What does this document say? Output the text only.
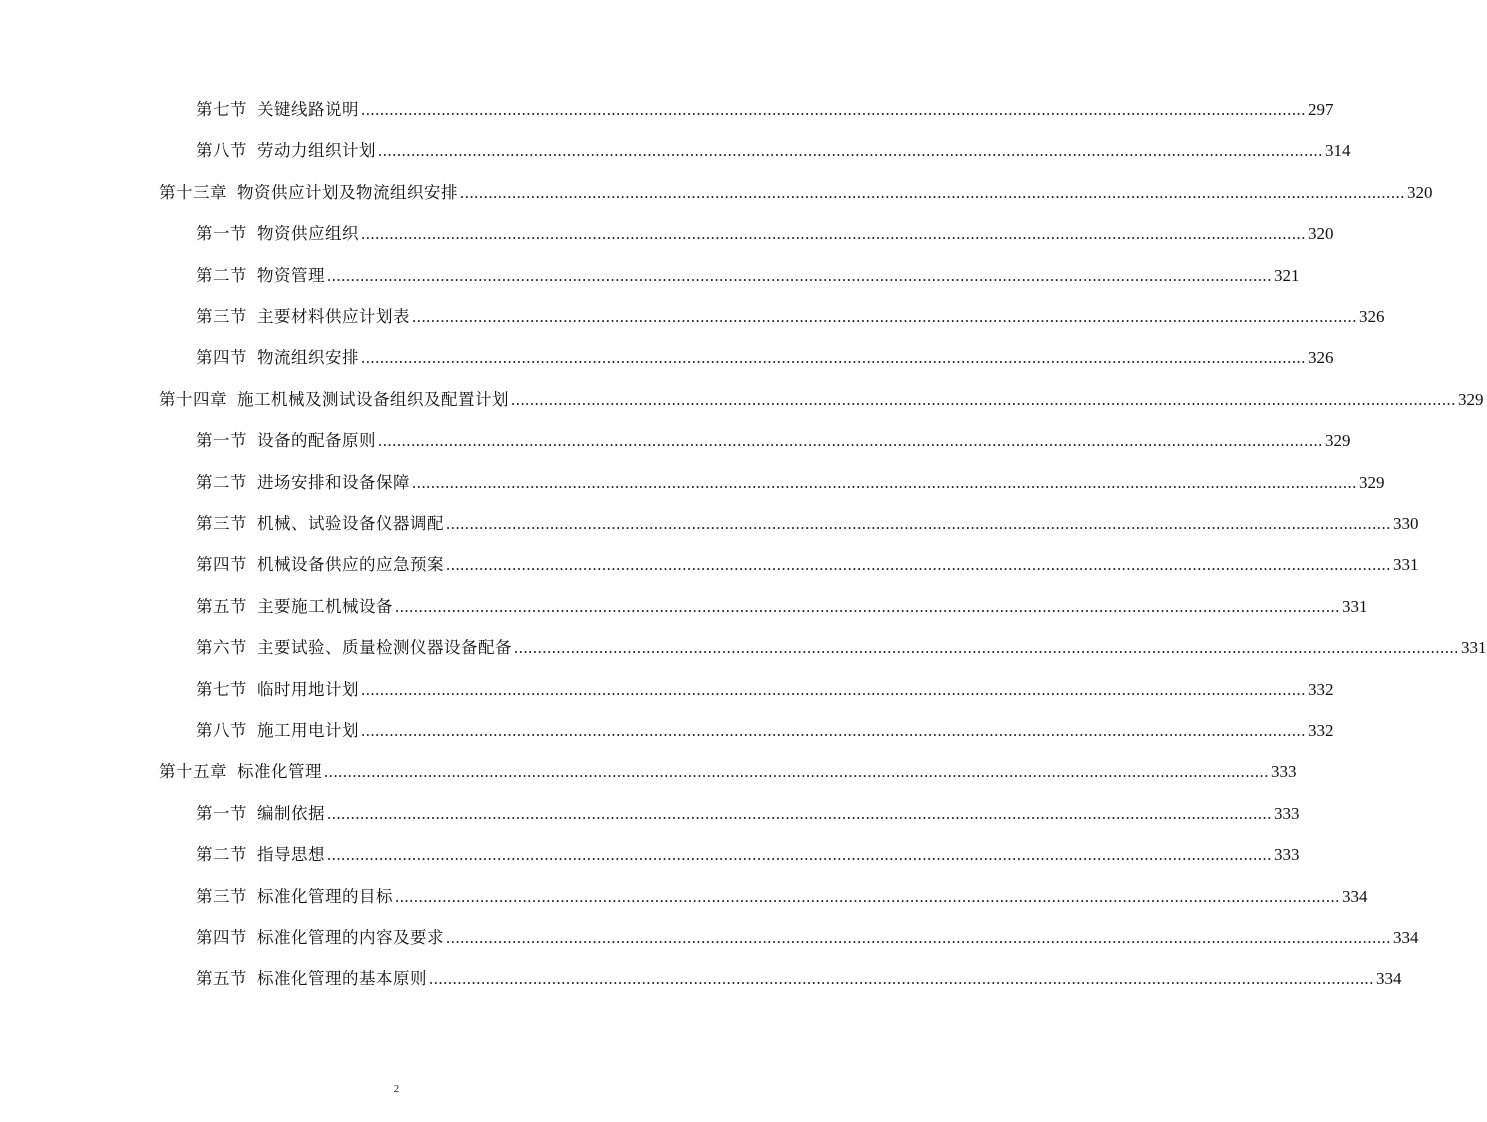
第七节 关键线路说明 ........................................................................................................................................................................................................ 297
第八节 劳动力组织计划 ........................................................................................................................................................................................................ 314
第十三章 物资供应计划及物流组织安排 ........................................................................................................................................................................................................ 320
第一节 物资供应组织 ........................................................................................................................................................................................................ 320
第二节 物资管理 ........................................................................................................................................................................................................ 321
第三节 主要材料供应计划表 ........................................................................................................................................................................................................ 326
第四节 物流组织安排 ........................................................................................................................................................................................................ 326
第十四章 施工机械及测试设备组织及配置计划 ........................................................................................................................................................................................................ 329
第一节 设备的配备原则 ........................................................................................................................................................................................................ 329
第二节 进场安排和设备保障 ........................................................................................................................................................................................................ 329
第三节 机械、试验设备仪器调配 ........................................................................................................................................................................................................ 330
第四节 机械设备供应的应急预案 ........................................................................................................................................................................................................ 331
第五节 主要施工机械设备 ........................................................................................................................................................................................................ 331
第六节 主要试验、质量检测仪器设备配备 ........................................................................................................................................................................................................ 331
第七节 临时用地计划 ........................................................................................................................................................................................................ 332
第八节 施工用电计划 ........................................................................................................................................................................................................ 332
第十五章 标准化管理 ........................................................................................................................................................................................................ 333
第一节 编制依据 ........................................................................................................................................................................................................ 333
第二节 指导思想 ........................................................................................................................................................................................................ 333
第三节 标准化管理的目标 ........................................................................................................................................................................................................ 334
第四节 标准化管理的内容及要求 ........................................................................................................................................................................................................ 334
第五节 标准化管理的基本原则 ........................................................................................................................................................................................................ 334
2
